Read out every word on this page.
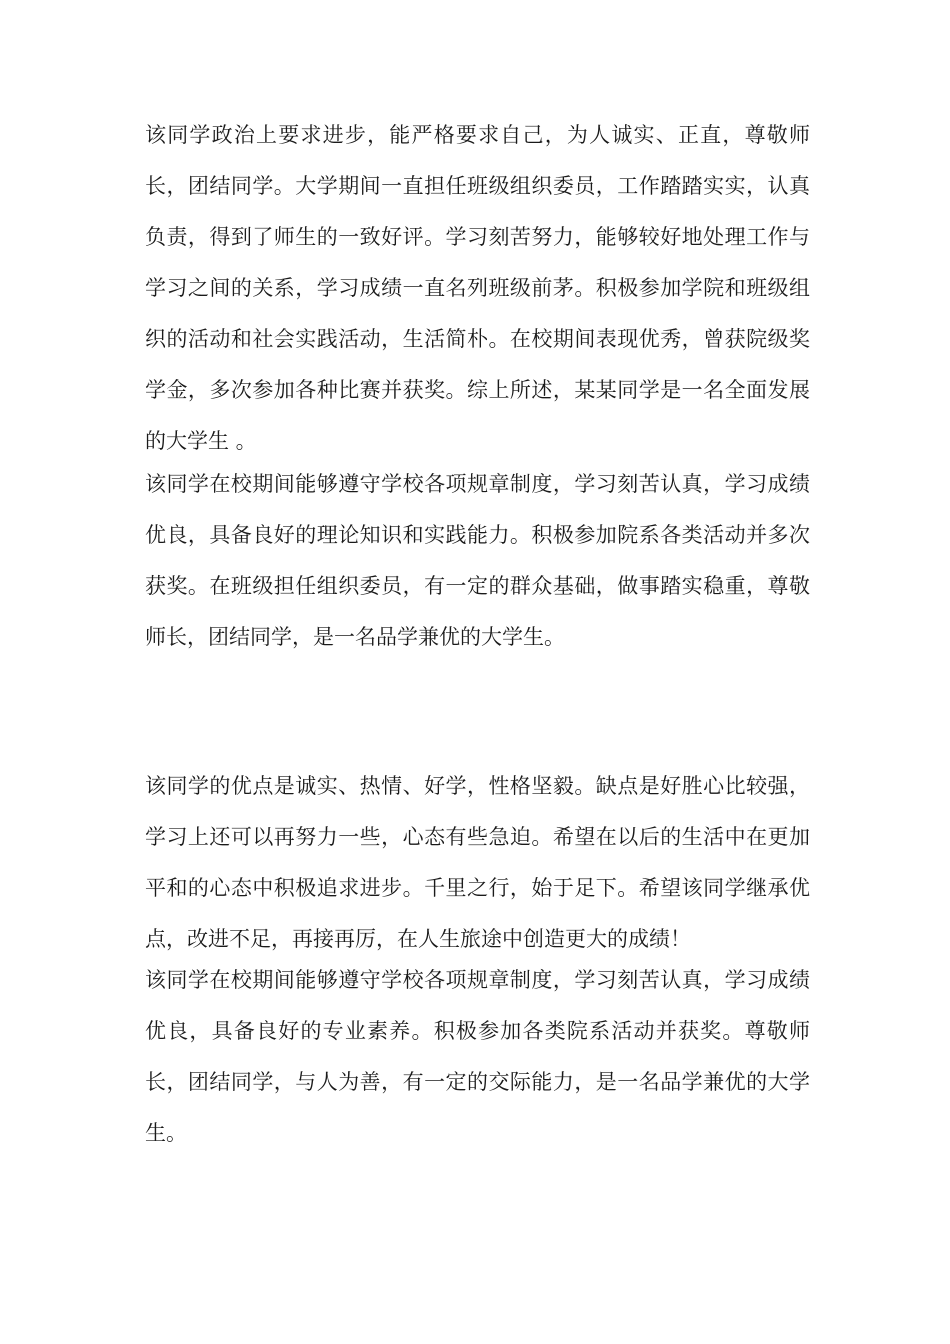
该同学政治上要求进步，能严格要求自己，为人诚实、正直，尊敬师长，团结同学。大学期间一直担任班级组织委员，工作踏踏实实，认真负责，得到了师生的一致好评。学习刻苦努力，能够较好地处理工作与学习之间的关系，学习成绩一直名列班级前茅。积极参加学院和班级组织的活动和社会实践活动，生活简朴。在校期间表现优秀，曾获院级奖学金，多次参加各种比赛并获奖。综上所述，某某同学是一名全面发展的大学生 。

该同学在校期间能够遵守学校各项规章制度，学习刻苦认真，学习成绩优良，具备良好的理论知识和实践能力。积极参加院系各类活动并多次获奖。在班级担任组织委员，有一定的群众基础，做事踏实稳重，尊敬师长，团结同学，是一名品学兼优的大学生。

该同学的优点是诚实、热情、好学，性格坚毅。缺点是好胜心比较强，学习上还可以再努力一些，心态有些急迫。希望在以后的生活中在更加平和的心态中积极追求进步。千里之行，始于足下。希望该同学继承优点，改进不足，再接再厉，在人生旅途中创造更大的成绩！

该同学在校期间能够遵守学校各项规章制度，学习刻苦认真，学习成绩优良，具备良好的专业素养。积极参加各类院系活动并获奖。尊敬师长，团结同学，与人为善，有一定的交际能力，是一名品学兼优的大学生。
